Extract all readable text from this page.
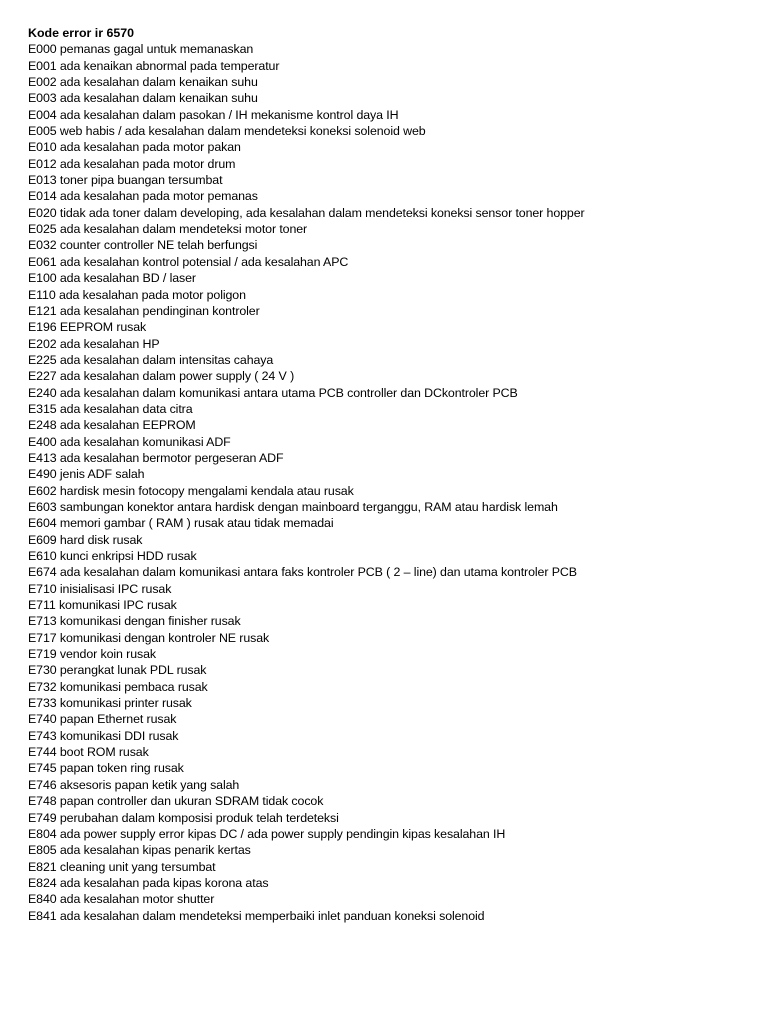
Kode error ir 6570
E000 pemanas gagal untuk memanaskan
E001 ada kenaikan abnormal pada temperatur
E002 ada kesalahan dalam kenaikan suhu
E003 ada kesalahan dalam kenaikan suhu
E004 ada kesalahan dalam pasokan / IH mekanisme kontrol daya IH
E005 web habis / ada kesalahan dalam mendeteksi koneksi solenoid web
E010 ada kesalahan pada motor pakan
E012 ada kesalahan pada motor drum
E013 toner pipa buangan tersumbat
E014 ada kesalahan pada motor pemanas
E020 tidak ada toner dalam developing, ada kesalahan dalam mendeteksi koneksi sensor toner hopper
E025 ada kesalahan dalam mendeteksi motor toner
E032 counter controller NE telah berfungsi
E061 ada kesalahan kontrol potensial / ada kesalahan APC
E100 ada kesalahan BD / laser
E110 ada kesalahan pada motor poligon
E121 ada kesalahan pendinginan kontroler
E196 EEPROM rusak
E202 ada kesalahan HP
E225 ada kesalahan dalam intensitas cahaya
E227 ada kesalahan dalam power supply ( 24 V )
E240 ada kesalahan dalam komunikasi antara utama PCB controller dan DCkontroler PCB
E315 ada kesalahan data citra
E248 ada kesalahan EEPROM
E400 ada kesalahan komunikasi ADF
E413 ada kesalahan bermotor pergeseran ADF
E490 jenis ADF salah
E602 hardisk mesin fotocopy mengalami kendala atau rusak
E603 sambungan konektor antara hardisk dengan mainboard terganggu, RAM atau hardisk lemah
E604 memori gambar ( RAM ) rusak atau tidak memadai
E609 hard disk rusak
E610 kunci enkripsi HDD rusak
E674 ada kesalahan dalam komunikasi antara faks kontroler PCB ( 2 – line) dan utama kontroler PCB
E710 inisialisasi IPC rusak
E711 komunikasi IPC rusak
E713 komunikasi dengan finisher rusak
E717 komunikasi dengan kontroler NE rusak
E719 vendor koin rusak
E730 perangkat lunak PDL rusak
E732 komunikasi pembaca rusak
E733 komunikasi printer rusak
E740 papan Ethernet rusak
E743 komunikasi DDI rusak
E744 boot ROM rusak
E745 papan token ring rusak
E746 aksesoris papan ketik yang salah
E748 papan controller dan ukuran SDRAM tidak cocok
E749 perubahan dalam komposisi produk telah terdeteksi
E804 ada power supply error kipas DC / ada power supply pendingin kipas kesalahan IH
E805 ada kesalahan kipas penarik kertas
E821 cleaning unit yang tersumbat
E824 ada kesalahan pada kipas korona atas
E840 ada kesalahan motor shutter
E841 ada kesalahan dalam mendeteksi memperbaiki inlet panduan koneksi solenoid
